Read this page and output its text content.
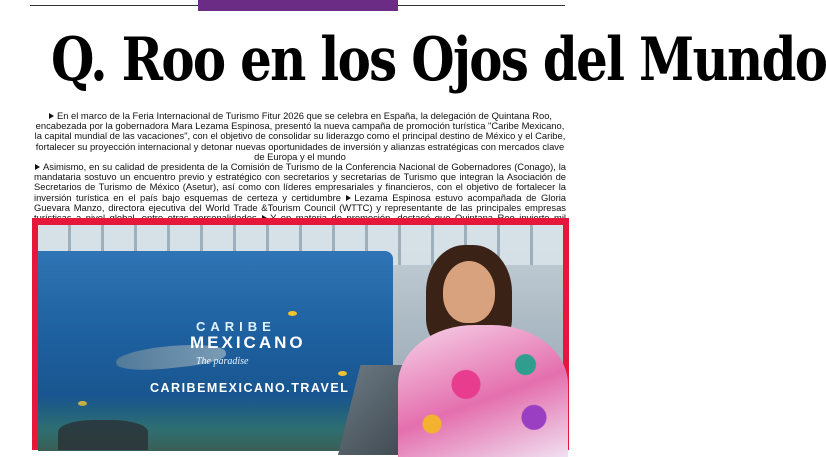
Q. Roo en los Ojos del Mundo
En el marco de la Feria Internacional de Turismo Fitur 2026 que se celebra en España, la delegación de Quintana Roo, encabezada por la gobernadora Mara Lezama Espinosa, presentó la nueva campaña de promoción turística "Caribe Mexicano, la capital mundial de las vacaciones", con el objetivo de consolidar su liderazgo como el principal destino de México y el Caribe, fortalecer su proyección internacional y detonar nuevas oportunidades de inversión y alianzas estratégicas con mercados clave de Europa y el mundo
Asimismo, en su calidad de presidenta de la Comisión de Turismo de la Conferencia Nacional de Gobernadores (Conago), la mandataria sostuvo un encuentro previo y estratégico con secretarios y secretarias de Turismo que integran la Asociación de Secretarios de Turismo de México (Asetur), así como con líderes empresariales y financieros, con el objetivo de fortalecer la inversión turística en el país bajo esquemas de certeza y certidumbre Lezama Espinosa estuvo acompañada de Gloria Guevara Manzo, directora ejecutiva del World Trade &Tourism Council (WTTC) y representante de las principales empresas
CARIBE
MEXICANO
The paradise
CARIBEMEXICANO.TRAVEL
